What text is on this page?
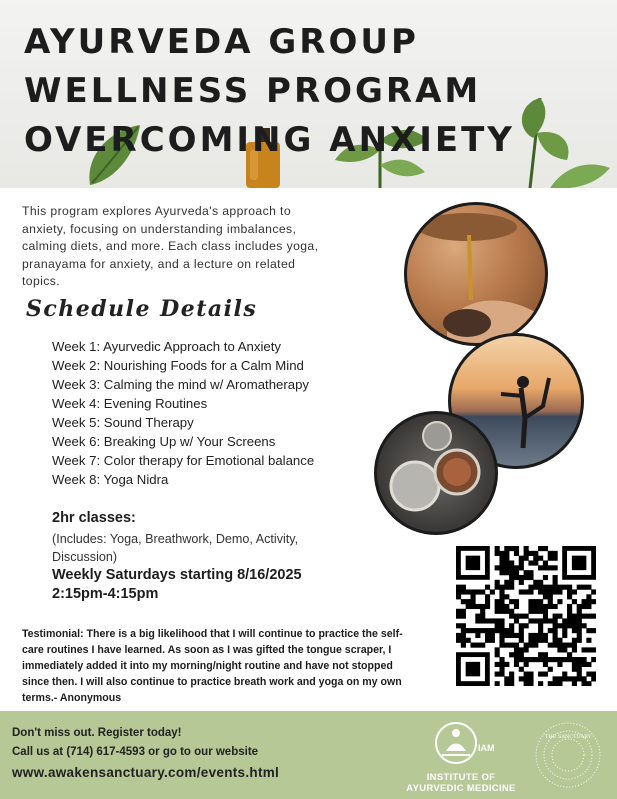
AYURVEDA GROUP
WELLNESS PROGRAM
OVERCOMING ANXIETY

This program explores Ayurveda's approach to anxiety, focusing on understanding imbalances, calming diets, and more. Each class includes yoga, pranayama for anxiety, and a lecture on related topics.

Schedule Details
Week 1: Ayurvedic Approach to Anxiety
Week 2: Nourishing Foods for a Calm Mind
Week 3: Calming the mind w/ Aromatherapy
Week 4: Evening Routines
Week 5: Sound Therapy
Week 6: Breaking Up w/ Your Screens
Week 7: Color therapy for Emotional balance
Week 8: Yoga Nidra

2hr classes:

(Includes: Yoga, Breathwork, Demo, Activity, Discussion)

Weekly Saturdays starting 8/16/2025
2:15pm-4:15pm

Testimonial: There is a big likelihood that I will continue to practice the self-care routines I have learned. As soon as I was gifted the tongue scraper, I immediately added it into my morning/night routine and have not stopped since then. I will also continue to practice breath work and yoga on my own terms.- Anonymous

Don't miss out. Register today!

Call us at (714) 617-4593 or go to our website

www.awakensanctuary.com/events.html

IAM

INSTITUTE OF
AYURVEDIC MEDICINE

THE SANCTUARY
